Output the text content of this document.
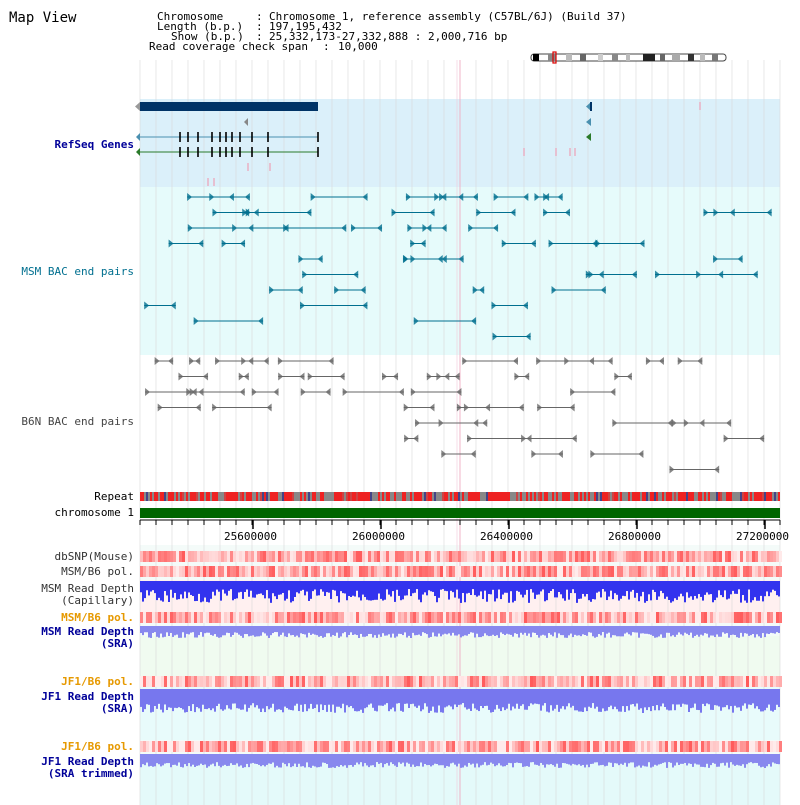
Map View	Chromosome : Chromosome 1, reference assembly (C57BL/6J) (Build 37)
Length (b.p.) : 197,195,432
Show (b.p.) : 25,332,173-27,332,888 : 2,000,716 bp
Read coverage check span : 10,000
25600000	26000000	26400000	26800000	27200000
RefSeq Genes
MSM BAC end pairs
B6N BAC end pairs
Repeat
chromosome 1
dbSNP(Mouse)
MSM/B6 pol.
MSM Read Depth
(Capillary)
MSM/B6 pol.
MSM Read Depth
(SRA)
JF1/B6 pol.
JF1 Read Depth
(SRA)
JF1/B6 pol.
JF1 Read Depth
(SRA trimmed)
